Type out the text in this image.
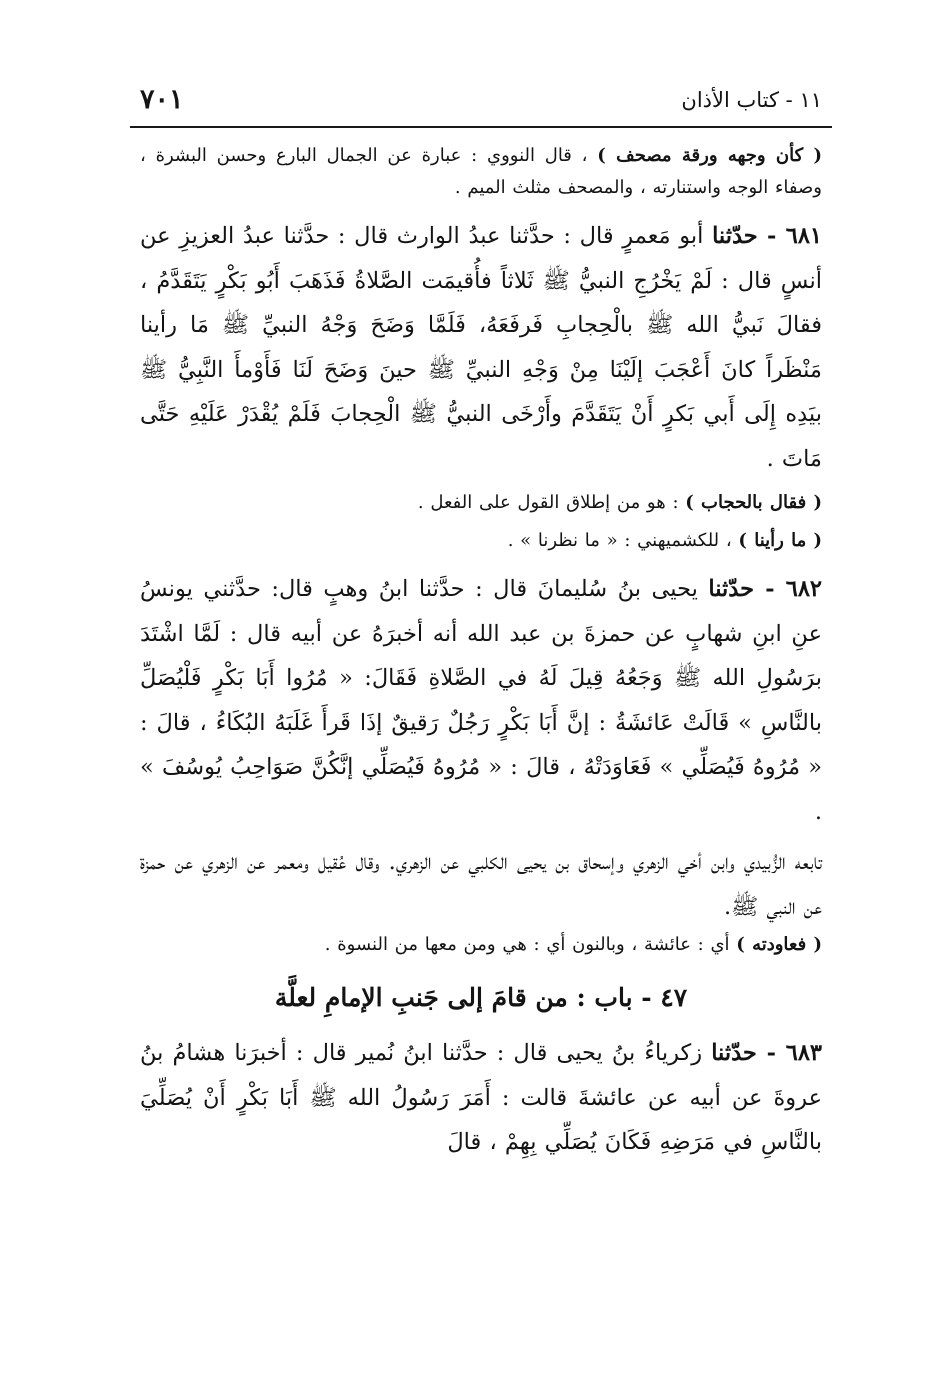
١١ - كتاب الأذان
٧٠١

( كأن وجهه ورقة مصحف ) ، قال النووي : عبارة عن الجمال البارع وحسن البشرة ، وصفاء الوجه واستنارته ، والمصحف مثلث الميم .

٦٨١ - حدّثنا أبو مَعمرٍ قال : حدَّثنا عبدُ الوارث قال : حدَّثنا عبدُ العزيزِ عن أنسٍ قال : لَمْ يَخْرُجِ النبيُّ ﷺ ثَلاثاً فأُقيمَت الصَّلاةُ فَذَهَبَ أَبُو بَكْرٍ يَتَقَدَّمُ ، فقالَ نَبيُّ الله ﷺ بالْحِجابِ فَرفَعَهُ، فَلَمَّا وَضَحَ وَجْهُ النبيِّ ﷺ مَا رأينا مَنْظَراً كانَ أَعْجَبَ إلَيْنَا مِنْ وَجْهِ النبيِّ ﷺ حينَ وَضَحَ لَنَا فَأَوْمأَ النَّبِيُّ ﷺ بيَدِه إِلَى أَبي بَكرٍ أَنْ يَتَقَدَّمَ وأَرْخَى النبيُّ ﷺ الْحِجابَ فَلَمْ يُقْدَرْ عَلَيْهِ حَتَّى مَاتَ .

( فقال بالحجاب ) : هو من إطلاق القول على الفعل .

( ما رأينا ) ، للكشميهني : « ما نظرنا » .

٦٨٢ - حدّثنا يحيى بنُ سُليمانَ قال : حدَّثنا ابنُ وهبٍ قال: حدَّثني يونسُ عنِ ابنِ شهابٍ عن حمزةَ بن عبد الله أنه أخبرَهُ عن أبيه قال : لَمَّا اشْتَدَ برَسُولِ الله ﷺ وَجَعُهُ قِيلَ لَهُ في الصَّلاةِ فَقَالَ: « مُرُوا أَبَا بَكْرٍ فَلْيُصَلِّ بالنَّاسِ » قَالَتْ عَائشَةُ : إنَّ أَبَا بَكْرٍ رَجُلٌ رَقيقٌ إذَا قَرأَ غَلَبَهُ البُكَاءُ ، قالَ : « مُرُوهُ فَيُصَلِّي » فَعَاوَدَتْهُ ، قالَ : « مُرُوهُ فَيُصَلِّي إنَّكُنَّ صَوَاحِبُ يُوسُفَ » .

تابعه الزُّبيدي وابن أخي الزهري وإسحاق بن يحيى الكلبي عن الزهري. وقال عُقيل ومعمر عن الزهري عن حمزة عن النبي ﷺ.

( فعاودته ) أي : عائشة ، وبالنون أي : هي ومن معها من النسوة .

٤٧ - باب : من قامَ إلى جَنبِ الإمامِ لعلَّة

٦٨٣ - حدّثنا زكرياءُ بنُ يحيى قال : حدَّثنا ابنُ نُمير قال : أخبرَنا هشامُ بنُ عروةَ عن أبيه عن عائشةَ قالت : أَمَرَ رَسُولُ الله ﷺ أَبَا بَكْرٍ أَنْ يُصَلِّيَ بالنَّاسِ في مَرَضِهِ فَكَانَ يُصَلِّي بِهِمْ ، قالَ
